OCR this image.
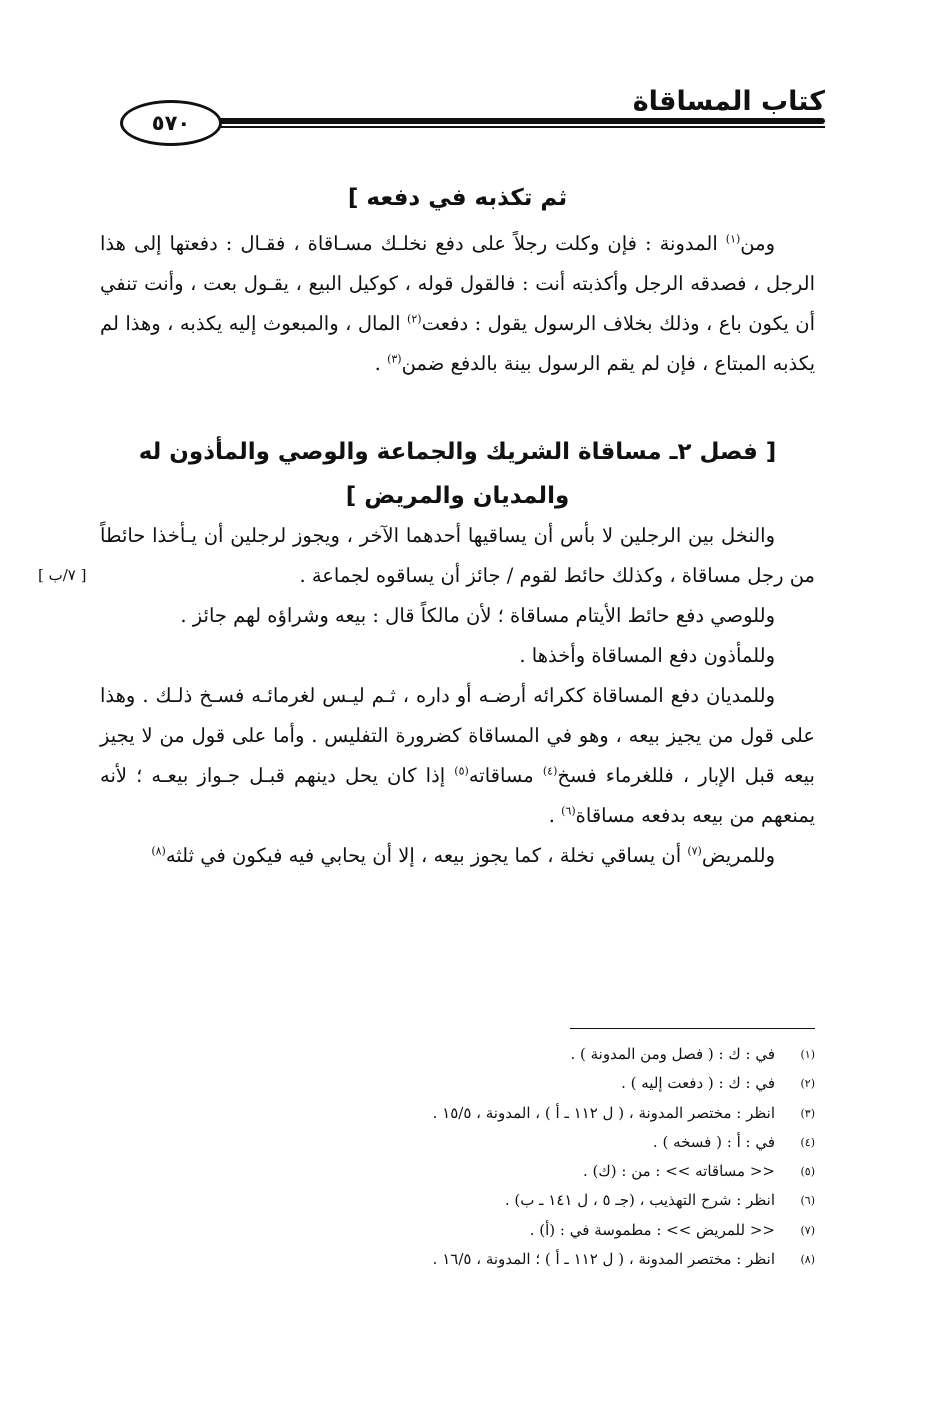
كتاب المساقاة
٥٧٠
ثم تكذبه في دفعه ]

ومن$^{(١)}$ المدونة : فإن وكلت رجلاً على دفع نخلـك مسـاقاة ، فقـال : دفعتها إلى هذا الرجل ، فصدقه الرجل وأكذبته أنت : فالقول قوله ، كوكيل البيع ، يقـول بعت ، وأنت تنفي أن يكون باع ، وذلك بخلاف الرسول يقول : دفعت$^{(٢)}$ المال ، والمبعوث إليه يكذبه ، وهذا لم يكذبه المبتاع ، فإن لم يقم الرسول بينة بالدفع ضمن$^{(٣)}$ .

[ فصل ٢ـ مساقاة الشريك والجماعة والوصي والمأذون له
والمديان والمريض ]

والنخل بين الرجلين لا بأس أن يساقيها أحدهما الآخر ، ويجوز لرجلين أن يـأخذا حائطاً من رجل مساقاة ، وكذلك حائط لقوم / جائز أن يساقوه لجماعة .

وللوصي دفع حائط الأيتام مساقاة ؛ لأن مالكاً قال : بيعه وشراؤه لهم جائز .

وللمأذون دفع المساقاة وأخذها .

وللمديان دفع المساقاة ككرائه أرضـه أو داره ، ثـم ليـس لغرمائـه فسـخ ذلـك . وهذا على قول من يجيز بيعه ، وهو في المساقاة كضرورة التفليس . وأما على قول من لا يجيز بيعه قبل الإبار ، فللغرماء فسخ$^{(٤)}$ مساقاته$^{(٥)}$ إذا كان يحل دينهم قبـل جـواز بيعـه ؛ لأنه يمنعهم من بيعه بدفعه مساقاة$^{(٦)}$ .

وللمريض$^{(٧)}$ أن يساقي نخلة ، كما يجوز بيعه ، إلا أن يحابي فيه فيكون في ثلثه$^{(٨)}$

[ ٧/ب ]
(١)
في : ك : ( فصل ومن المدونة ) .
(٢)
في : ك : ( دفعت إليه ) .
(٣)
انظر : مختصر المدونة ، ( ل ١١٢ ـ أ ) ، المدونة ، ١٥/٥ .
(٤)
في : أ : ( فسخه ) .
(٥)
<< مساقاته >> : من : (ك) .
(٦)
انظر : شرح التهذيب ، (جـ ٥ ، ل ١٤١ ـ ب) .
(٧)
<< للمريض >> : مطموسة في : (أ) .
(٨)
انظر : مختصر المدونة ، ( ل ١١٢ ـ أ ) ؛ المدونة ، ١٦/٥ .
